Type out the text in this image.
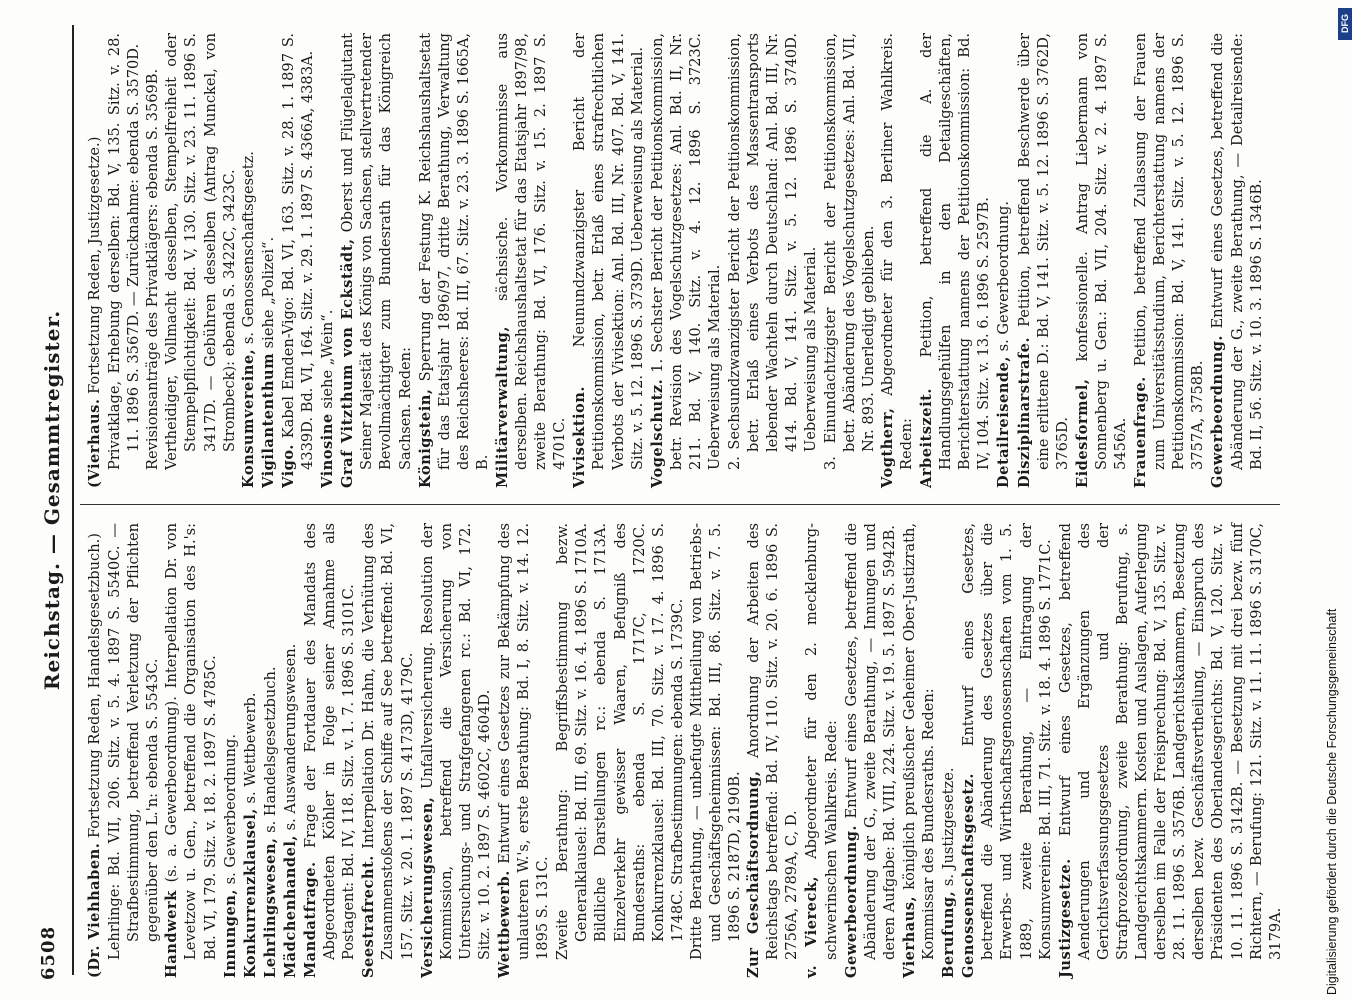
6508
Reichstag. — Gesammtregister.

(Dr. Viehhaben. Fortsetzung Reden, Handelsgesetzbuch.) Lehrlinge: Bd. VII, 206. Sitz. v. 5. 4. 1897 S. 5540C. — Strafbestimmung, betreffend Verletzung der Pflichten gegenüber den L.'n: ebenda S. 5543C. Handwerk (s. a. Gewerbeordnung). Interpellation Dr. von Levetzow u. Gen., betreffend die Organisation des H.'s: Bd. VI, 179. Sitz. v. 18. 2. 1897 S. 4785C. Innungen, s. Gewerbeordnung. Konkurrenzklausel, s. Wettbewerb.

Lehrlingswesen, s. Handelsgesetzbuch.

Mädchenhandel, s. Auswanderungswesen.

Mandatfrage. Frage der Fortdauer des Mandats des Abgeordneten Köhler in Folge seiner Annahme als Postagent: Bd. IV, 118. Sitz. v. 1. 7. 1896 S. 3101C. Seestrafrecht. Interpellation Dr. Hahn, die Verhütung des Zusammenstoßens der Schiffe auf See betreffend: Bd. VI, 157. Sitz. v. 20. 1. 1897 S. 4173D, 4179C. Versicherungswesen, Unfallversicherung. Resolution der Kommission, betreffend die Versicherung von Untersuchungs- und Strafgefangenen rc.: Bd. VI, 172. Sitz. v. 10. 2. 1897 S. 4602C, 4604D. Wettbewerb. Entwurf eines Gesetzes zur Bekämpfung des unlauteren W.'s, erste Berathung: Bd. I, 8. Sitz. v. 14. 12. 1895 S. 131C. Zweite Berathung: Begriffsbestimmung bezw. Generalklausel: Bd. III, 69. Sitz. v. 16. 4. 1896 S. 1710A. Bildliche Darstellungen rc.: ebenda S. 1713A. Einzelverkehr gewisser Waaren, Befugniß des Bundesraths: ebenda S. 1717C, 1720C. Konkurrenzklausel: Bd. III, 70. Sitz. v. 17. 4. 1896 S. 1748C. Strafbestimmungen: ebenda S. 1739C. Dritte Berathung, — unbefugte Mittheilung von Betriebs- und Geschäftsgeheimnissen: Bd. III, 86. Sitz. v. 7. 5. 1896 S. 2187D, 2190B. Zur Geschäftsordnung, Anordnung der Arbeiten des Reichstags betreffend: Bd. IV, 110. Sitz. v. 20. 6. 1896 S. 2756A, 2789A, C, D. v. Viereck, Abgeordneter für den 2. mecklenburg-schwerinschen Wahlkreis. Rede: Gewerbeordnung. Entwurf eines Gesetzes, betreffend die Abänderung der G., zweite Berathung, — Innungen und deren Aufgabe: Bd. VIII, 224. Sitz. v. 19. 5. 1897 S. 5942B. Vierhaus, königlich preußischer Geheimer Ober-Justizrath, Kommissar des Bundesraths. Reden: Berufung, s. Justizgesetze. Genossenschaftsgesetz. Entwurf eines Gesetzes, betreffend die Abänderung des Gesetzes über die Erwerbs- und Wirthschaftsgenossenschaften vom 1. 5. 1889, zweite Berathung, — Eintragung der Konsumvereine: Bd. III, 71. Sitz. v. 18. 4. 1896 S. 1771C. Justizgesetze. Entwurf eines Gesetzes, betreffend Aenderungen und Ergänzungen des Gerichtsverfassungsgesetzes und der Strafprozeßordnung, zweite Berathung: Berufung, s. Landgerichtskammern. Kosten und Auslagen, Auferlegung derselben im Falle der Freisprechung: Bd. V, 135. Sitz. v. 28. 11. 1896 S. 3576B. Landgerichtskammern, Besetzung derselben bezw. Geschäftsvertheilung, — Einspruch des Präsidenten des Oberlandesgerichts: Bd. V, 120. Sitz. v. 10. 11. 1896 S. 3142B. — Besetzung mit drei bezw. fünf Richtern, — Berufung: 121. Sitz. v. 11. 11. 1896 S. 3170C, 3179A.

(Vierhaus. Fortsetzung Reden, Justizgesetze.) Privatklage, Erhebung derselben: Bd. V, 135. Sitz. v. 28. 11. 1896 S. 3567D. — Zurücknahme: ebenda S. 3570D. Revisionsanträge des Privatklägers: ebenda S. 3569B. Vertheidiger, Vollmacht desselben, Stempelfreiheit oder Stempelpflichtigkeit: Bd. V, 130. Sitz. v. 23. 11. 1896 S. 3417D. — Gebühren desselben (Antrag Munckel, von Strombeck): ebenda S. 3422C, 3423C. Konsumvereine, s. Genossenschaftsgesetz.

Vigilantenthum siehe „Polizei“.

Vigo. Kabel Emden-Vigo: Bd. VI, 163. Sitz. v. 28. 1. 1897 S. 4339D. Bd. VI, 164. Sitz. v. 29. 1. 1897 S. 4366A, 4383A. Vinosine siehe „Wein“. Graf Vitzthum von Eckstädt, Oberst und Flügeladjutant Seiner Majestät des Königs von Sachsen, stellvertretender Bevollmächtigter zum Bundesrath für das Königreich Sachsen. Reden: Königstein, Sperrung der Festung K. Reichshaushaltsetat für das Etatsjahr 1896/97, dritte Berathung, Verwaltung des Reichsheeres: Bd. III, 67. Sitz. v. 23. 3. 1896 S. 1665A, B. Militärverwaltung, sächsische. Vorkommnisse aus derselben. Reichshaushaltsetat für das Etatsjahr 1897/98, zweite Berathung: Bd. VI, 176. Sitz. v. 15. 2. 1897 S. 4701C. Vivisektion. Neunundzwanzigster Bericht der Petitionskommission, betr. Erlaß eines strafrechtlichen Verbots der Vivisektion: Anl. Bd. III, Nr. 407. Bd. V, 141. Sitz. v. 5. 12. 1896 S. 3739D. Ueberweisung als Material. Vogelschutz. 1. Sechster Bericht der Petitionskommission, betr. Revision des Vogelschutzgesetzes: Anl. Bd. II, Nr. 211. Bd. V, 140. Sitz. v. 4. 12. 1896 S. 3723C. Ueberweisung als Material. 2. Sechsundzwanzigster Bericht der Petitionskommission, betr. Erlaß eines Verbots des Massentransports lebender Wachteln durch Deutschland: Anl. Bd. III, Nr. 414. Bd. V, 141. Sitz. v. 5. 12. 1896 S. 3740D. Ueberweisung als Material. 3. Einundachtzigster Bericht der Petitionskommission, betr. Abänderung des Vogelschutzgesetzes: Anl. Bd. VII, Nr. 893. Unerledigt geblieben. Vogtherr, Abgeordneter für den 3. Berliner Wahlkreis. Reden: Arbeitszeit. Petition, betreffend die A. der Handlungsgehülfen in den Detailgeschäften, Berichterstattung namens der Petitionskommission: Bd. IV, 104. Sitz. v. 13. 6. 1896 S. 2597B. Detailreisende, s. Gewerbeordnung.

Disziplinarstrafe. Petition, betreffend Beschwerde über eine erlittene D.: Bd. V, 141. Sitz. v. 5. 12. 1896 S. 3762D, 3765D. Eidesformel, konfessionelle. Antrag Liebermann von Sonnenberg u. Gen.: Bd. VII, 204. Sitz. v. 2. 4. 1897 S. 5456A. Frauenfrage. Petition, betreffend Zulassung der Frauen zum Universitätsstudium, Berichterstattung namens der Petitionskommission: Bd. V, 141. Sitz. v. 5. 12. 1896 S. 3757A, 3758B. Gewerbeordnung. Entwurf eines Gesetzes, betreffend die Abänderung der G., zweite Berathung, — Detailreisende: Bd. II, 56. Sitz. v. 10. 3. 1896 S. 1346B.

Digitalisierung gefördert durch die Deutsche Forschungsgemeinschaft
DFG
